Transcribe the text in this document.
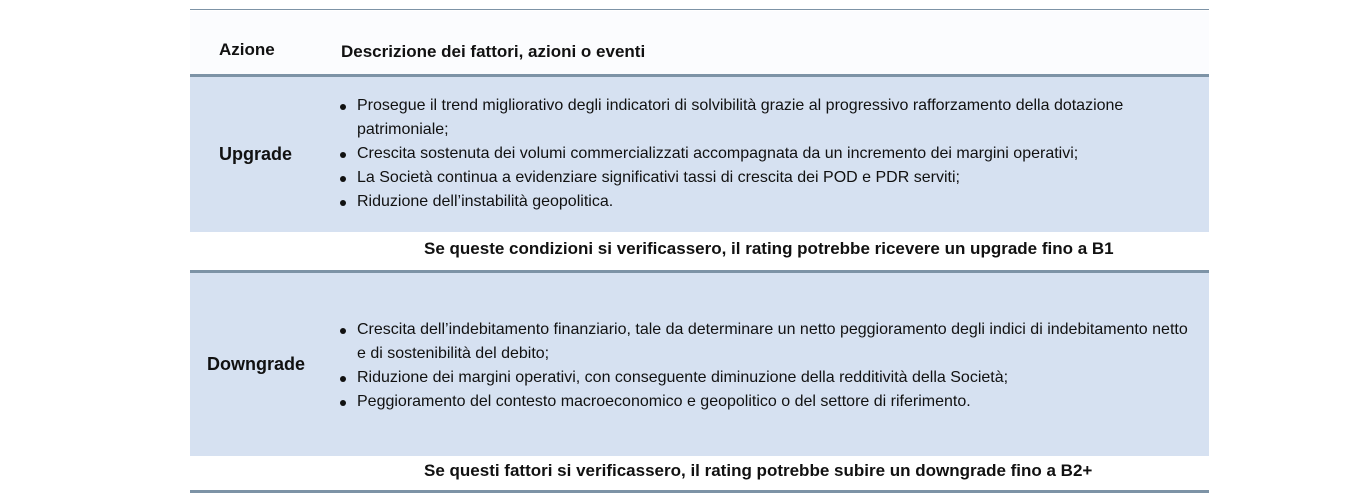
Azione	Descrizione dei fattori, azioni o eventi
Upgrade
Prosegue il trend migliorativo degli indicatori di solvibilità grazie al progressivo rafforzamento della dotazione patrimoniale;
Crescita sostenuta dei volumi commercializzati accompagnata da un incremento dei margini operativi;
La Società continua a evidenziare significativi tassi di crescita dei POD e PDR serviti;
Riduzione dell’instabilità geopolitica.
Se queste condizioni si verificassero, il rating potrebbe ricevere un upgrade fino a B1
Downgrade
Crescita dell’indebitamento finanziario, tale da determinare un netto peggioramento degli indici di indebitamento netto e di sostenibilità del debito;
Riduzione dei margini operativi, con conseguente diminuzione della redditività della Società;
Peggioramento del contesto macroeconomico e geopolitico o del settore di riferimento.
Se questi fattori si verificassero, il rating potrebbe subire un downgrade fino a B2+
